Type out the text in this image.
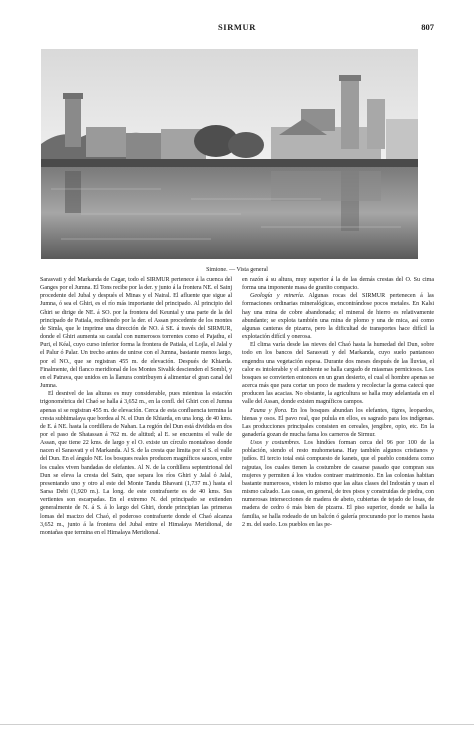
SIRMUR	807
Simione. — Vista general

Sarasvati y del Markanda de Cagar, todo el SIRMUR pertenece á la cuenca del Ganges por el Jumna. El Tons recibe por la der. y junto á la frontera NE. el Sainj procedente del Jubal y después el Minas y el Nairal. El afluente que sigue al Jumna, ó sea el Ghiri, es el río más importante del principado. Al principio del Ghiri se dirige de NE. á SO. por la frontera del Keuntal y una parte de la del principado de Patiala, recibiendo por la der. el Assan procedente de los montes de Simla, que le imprime una dirección de NO. á SE. á través del SIRMUR, donde el Ghiri aumenta su caudal con numerosos torrentes como el Pajathu, el Puri, el Kéal, cuyo curso inferior forma la frontera de Patiala, el Lojla, el Jalal y el Palur ó Palar. Un trecho antes de unirse con el Jumna, bastante menos largo, por el NO., que se registran 455 m. de elevación. Después de Khiarda. Finalmente, del flanco meridional de los Montes Sivalik descienden el Sombl, y en el Patrava, que unidos en la llanura contribuyen á alimentar el gran canal del Jumna.

El desnivel de las alturas es muy considerable, pues mientras la estación trigonométrica del Chaó se halla á 3,652 m., en la confl. del Ghiri con el Jumna apenas si se registran 455 m. de elevación. Cerca de esta confluencia termina la cresta subhimalaya que bordea al N. el Dun de Khiarda, en una long. de 40 kms. de E. á NE. hasta la cordillera de Nahan. La región del Dun está dividida en dos por el paso de Shatassan á 762 m. de altitud; al E. se encuentra el valle de Assan, que tiene 22 kms. de largo y el O. existe un círculo montañoso donde nacen el Sarasvati y el Markanda. Al S. de la cresta que limita por el S. el valle del Dun. En el ángulo NE. los bosques reales producen magníficos sauces, entre los cuales viven bandadas de elefantes. Al N. de la cordillera septentrional del Dun se eleva la cresta del Sain, que separa los ríos Ghiri y Jalal ó Jalal, presentando uno y otro al este del Monte Tandu Bhavani (1,737 m.) hasta el Sarsa Debi (1,920 m.). La long. de este contrafuerte es de 40 kms. Sus vertientes son escarpadas. En el extremo N. del principado se extienden generalmente de N. á S. á lo largo del Ghiri, donde principian las primeras lomas del macizo del Chaó, el poderoso contrafuerte donde el Chaó alcanza 3,652 m., junto á la frontera del Jubal entre el Himalaya Meridional, de montañas que termina en el Himalaya Meridional.

en razón á su altura, muy superior á la de las demás crestas del O. Su cima forma una imponente masa de granito compacto.

Geología y minería. Algunas rocas del SIRMUR pertenecen á las formaciones ordinarias mineralógicas, encontrándose pocos metales. En Kalsi hay una mina de cobre abandonada; el mineral de hierro es relativamente abundante; se explota también una mina de plomo y una de mica, así como algunas canteras de pizarra, pero la dificultad de transportes hace difícil la explotación difícil y onerosa.

El clima varía desde las nieves del Chaó hasta la humedad del Dun, sobre todo en los bancos del Sarasvati y del Markanda, cuyo suelo pantanoso engendra una vegetación espesa. Durante dos meses después de las lluvias, el calor es intolerable y el ambiente se halla cargado de miasmas perniciosos. Los bosques se convierten entonces en un gran desierto, el cual el hombre apenas se acerca más que para cortar un poco de madera y recolectar la goma catecú que producen las acacias. No obstante, la agricultura se halla muy adelantada en el valle del Assan, donde existen magníficos campos.

Fauna y flora. En los bosques abundan los elefantes, tigres, leopardos, hienas y osos. El pavo real, que pulula en ellos, es sagrado para los indígenas. Las producciones principales consisten en cereales, jengibre, opio, etc. En la ganadería gozan de mucha fama los carneros de Sirmur.

Usos y costumbres. Los hindúes forman cerca del 96 por 100 de la población, siendo el resto muhometana. Hay también algunos cristianos y judíos. El tercio total está compuesto de kanets, que el pueblo considera como rajputas, los cuales tienen la costumbre de casarse pasado que compran sus mujeres y permiten á los viudos contraer matrimonio. En las colonias habitan bastante numerosos, visten lo mismo que las altas clases del Indostán y usan el mismo calzado. Las casas, en general, de tres pisos y construidas de piedra, con numerosas intersecciones de madera de abeto, cubiertas de tejado de losas, de madera de cedro ó más bien de pizarra. El piso superior, donde se halla la familia, se halla rodeado de un balcón ó galería procurando por lo menos hasta 2 m. del suelo. Los pueblos en las pe-
